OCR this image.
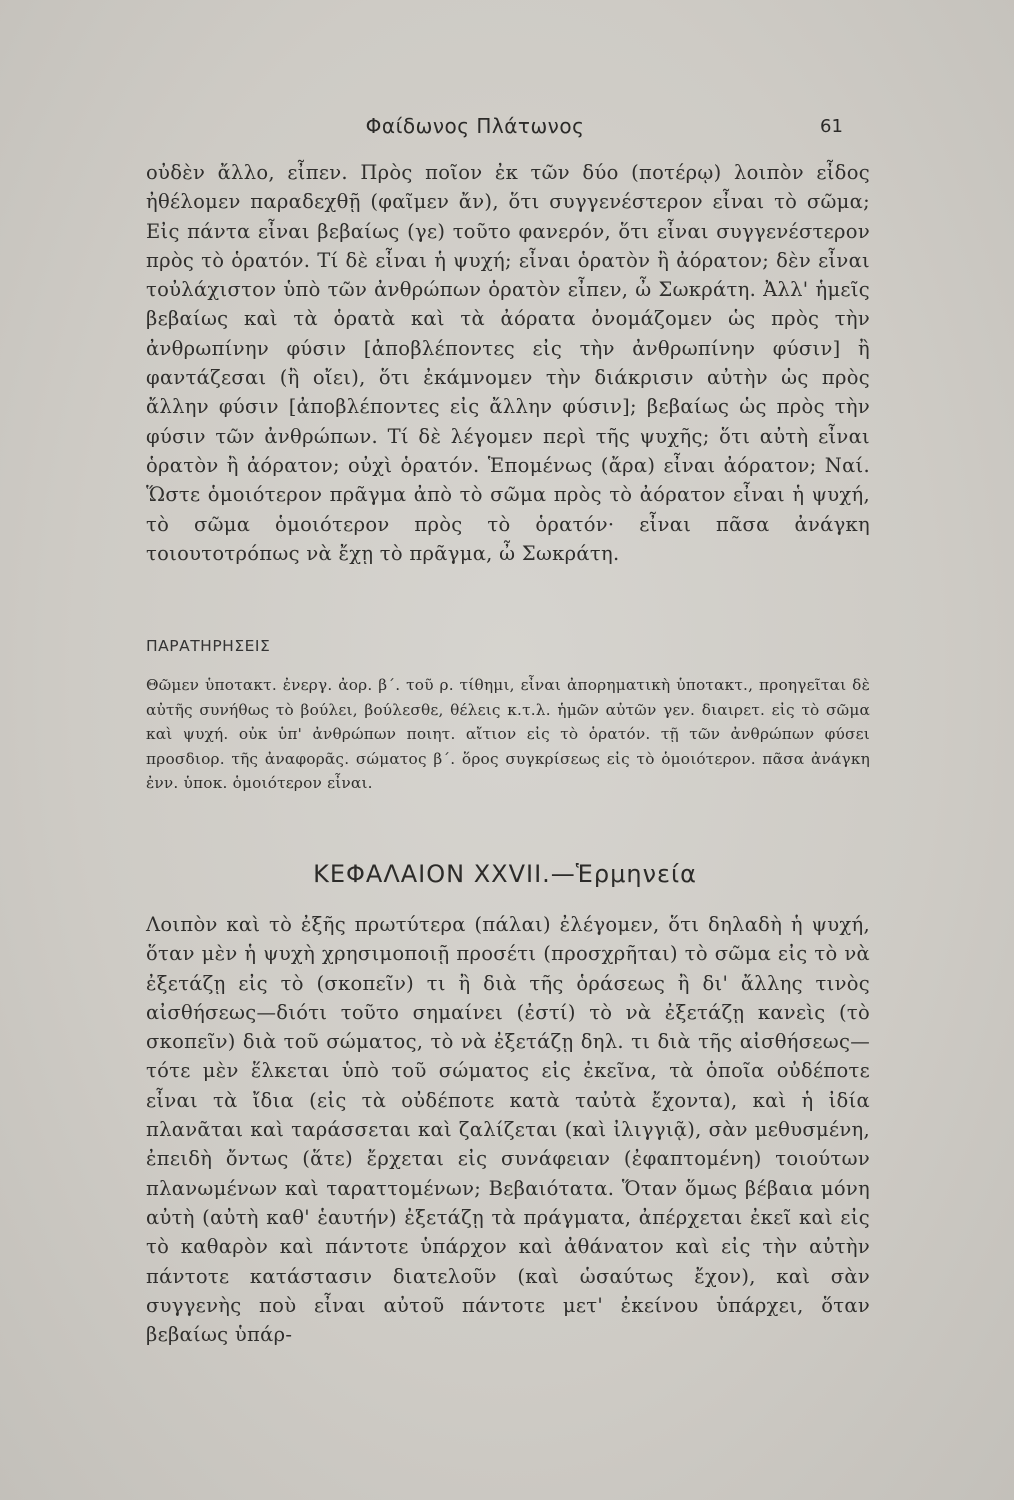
Φαίδωνος Πλάτωνος	61

οὐδὲν ἄλλο, εἶπεν. Πρὸς ποῖον ἐκ τῶν δύο (ποτέρῳ) λοιπὸν εἶδος ἠθέλομεν παραδεχθῇ (φαῖμεν ἄν), ὅτι συγγενέστερον εἶναι τὸ σῶμα; Εἰς πάντα εἶναι βεβαίως (γε) τοῦτο φανερόν, ὅτι εἶναι συγγενέστερον πρὸς τὸ ὁρατόν. Τί δὲ εἶναι ἡ ψυχή; εἶναι ὁρατὸν ἢ ἀόρατον; δὲν εἶναι τοὐλάχιστον ὑπὸ τῶν ἀνθρώπων ὁρατὸν εἶπεν, ὦ Σωκράτη. Ἀλλ' ἡμεῖς βεβαίως καὶ τὰ ὁρατὰ καὶ τὰ ἀόρατα ὀνομάζομεν ὡς πρὸς τὴν ἀνθρωπίνην φύσιν [ἀποβλέποντες εἰς τὴν ἀνθρωπίνην φύσιν] ἢ φαντάζεσαι (ἢ οἴει), ὅτι ἐκάμνομεν τὴν διάκρισιν αὐτὴν ὡς πρὸς ἄλλην φύσιν [ἀποβλέποντες εἰς ἄλλην φύσιν]; βεβαίως ὡς πρὸς τὴν φύσιν τῶν ἀνθρώπων. Τί δὲ λέγομεν περὶ τῆς ψυχῆς; ὅτι αὐτὴ εἶναι ὁρατὸν ἢ ἀόρατον; οὐχὶ ὁρατόν. Ἑπομένως (ἄρα) εἶναι ἀόρατον; Ναί. Ὥστε ὁμοιότερον πρᾶγμα ἀπὸ τὸ σῶμα πρὸς τὸ ἀόρατον εἶναι ἡ ψυχή, τὸ σῶμα ὁμοιότερον πρὸς τὸ ὁρατόν· εἶναι πᾶσα ἀνάγκη τοιουτοτρόπως νὰ ἔχῃ τὸ πρᾶγμα, ὦ Σωκράτη.

ΠΑΡΑΤΗΡΗΣΕΙΣ

Θῶμεν ὑποτακτ. ἐνεργ. ἀορ. β΄. τοῦ ρ. τίθημι, εἶναι ἀπορηματικὴ ὑποτακτ., προηγεῖται δὲ αὐτῆς συνήθως τὸ βούλει, βούλεσθε, θέλεις κ.τ.λ. ἡμῶν αὐτῶν γεν. διαιρετ. εἰς τὸ σῶμα καὶ ψυχή. οὐκ ὑπ' ἀνθρώπων ποιητ. αἴτιον εἰς τὸ ὁρατόν. τῇ τῶν ἀνθρώπων φύσει προσδιορ. τῆς ἀναφορᾶς. σώματος β΄. ὅρος συγκρίσεως εἰς τὸ ὁμοιότερον. πᾶσα ἀνάγκη ἐνν. ὑποκ. ὁμοιότερον εἶναι.

ΚΕΦΑΛΑΙΟΝ XXVII.—Ἑρμηνεία

Λοιπὸν καὶ τὸ ἐξῆς πρωτύτερα (πάλαι) ἐλέγομεν, ὅτι δηλαδὴ ἡ ψυχή, ὅταν μὲν ἡ ψυχὴ χρησιμοποιῇ προσέτι (προσχρῆται) τὸ σῶμα εἰς τὸ νὰ ἐξετάζῃ εἰς τὸ (σκοπεῖν) τι ἢ διὰ τῆς ὁράσεως ἢ δι' ἄλλης τινὸς αἰσθήσεως—διότι τοῦτο σημαίνει (ἐστί) τὸ νὰ ἐξετάζῃ κανεὶς (τὸ σκοπεῖν) διὰ τοῦ σώματος, τὸ νὰ ἐξετάζῃ δηλ. τι διὰ τῆς αἰσθήσεως—τότε μὲν ἕλκεται ὑπὸ τοῦ σώματος εἰς ἐκεῖνα, τὰ ὁποῖα οὐδέποτε εἶναι τὰ ἴδια (εἰς τὰ οὐδέποτε κατὰ ταὐτὰ ἔχοντα), καὶ ἡ ἰδία πλανᾶται καὶ ταράσσεται καὶ ζαλίζεται (καὶ ἰλιγγιᾷ), σὰν μεθυσμένη, ἐπειδὴ ὄντως (ἅτε) ἔρχεται εἰς συνάφειαν (ἐφαπτομένη) τοιούτων πλανωμένων καὶ ταραττομένων; Βεβαιότατα. Ὅταν ὅμως βέβαια μόνη αὐτὴ (αὐτὴ καθ' ἑαυτήν) ἐξετάζῃ τὰ πράγματα, ἀπέρχεται ἐκεῖ καὶ εἰς τὸ καθαρὸν καὶ πάντοτε ὑπάρχον καὶ ἀθάνατον καὶ εἰς τὴν αὐτὴν πάντοτε κατάστασιν διατελοῦν (καὶ ὡσαύτως ἔχον), καὶ σὰν συγγενὴς ποὺ εἶναι αὐτοῦ πάντοτε μετ' ἐκείνου ὑπάρχει, ὅταν βεβαίως ὑπάρ-
